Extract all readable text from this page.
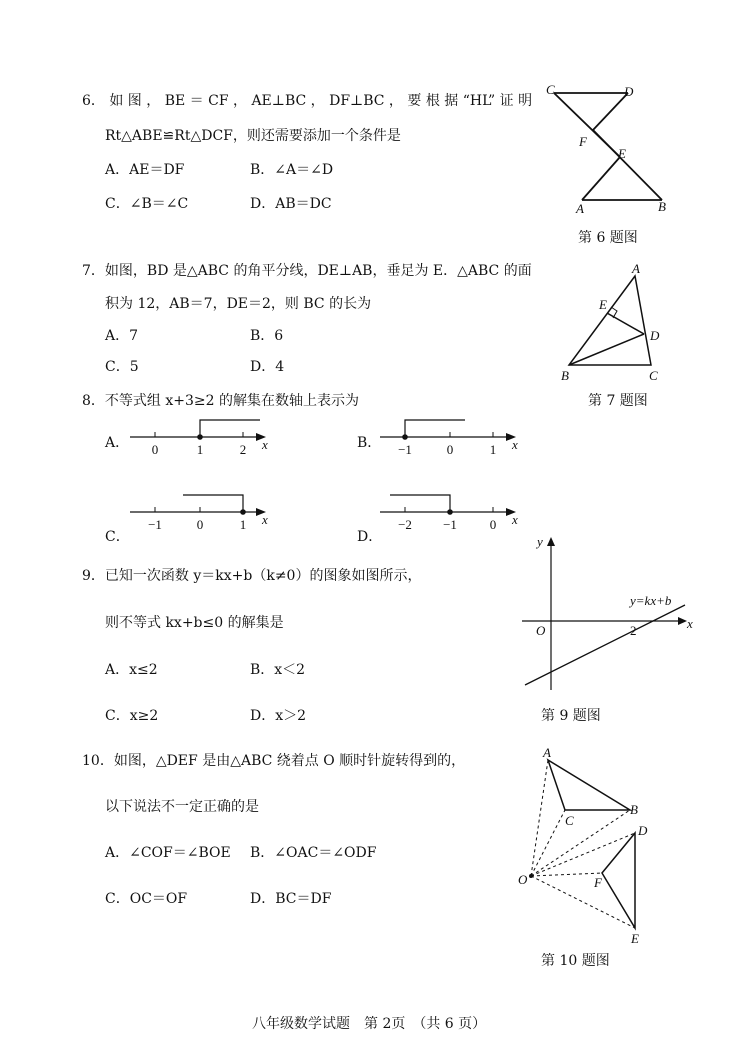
6． 如 图 ， BE ＝ CF ， AE⊥BC ， DF⊥BC ， 要 根 据 “HL” 证 明
Rt△ABE≌Rt△DCF，则还需要添加一个条件是
A．AE＝DF	B．∠A＝∠D
C．∠B＝∠C	D．AB＝DC
C	D
F
E
A	B
第 6 题图
7．如图，BD 是△ABC 的角平分线，DE⊥AB，垂足为 E．△ABC 的面
积为 12，AB＝7，DE＝2，则 BC 的长为
A．7	B．6
C．5	D．4
A
E
D
B	C
第 7 题图
8．不等式组 x+3≥2 的解集在数轴上表示为
A．	B．
C．	D．
0	1	2 x	−1	0	1 x
−1	0	1 x	−2 −1	0 x
9．已知一次函数 y＝kx+b（k≠0）的图象如图所示，
则不等式 kx+b≤0 的解集是
A．x≤2	B．x＜2
C．x≥2	D．x＞2
y
x
O	2
y=kx+b
第 9 题图
10．如图，△DEF 是由△ABC 绕着点 O 顺时针旋转得到的，
以下说法不一定正确的是
A．∠COF＝∠BOE B．∠OAC＝∠ODF
C．OC＝OF	D．BC＝DF
A
C
B
D
O	F
E
第 10 题图
八年级数学试题　第 2页　（共 6 页）
